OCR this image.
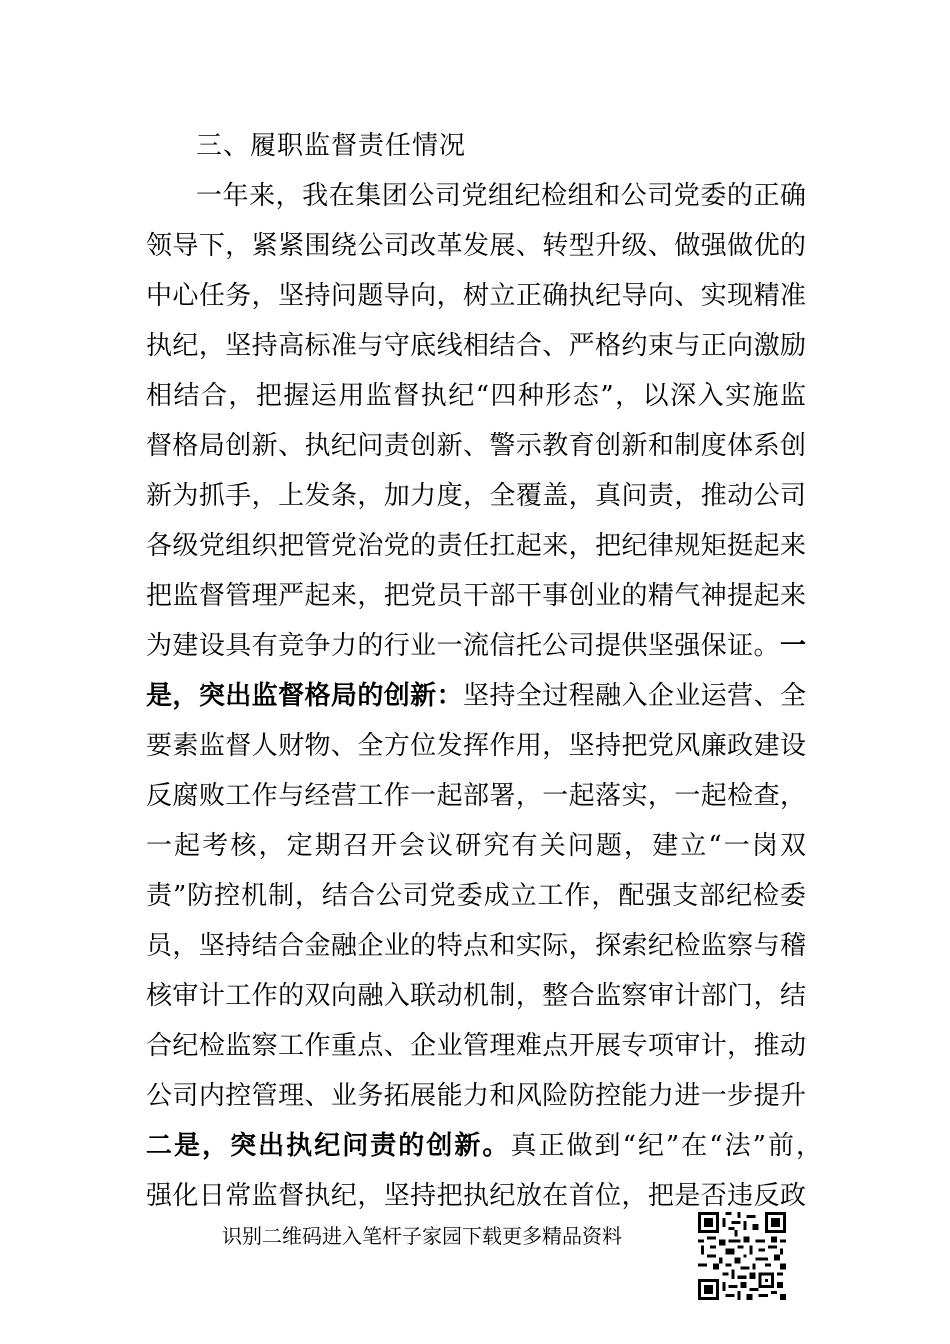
三、履职监督责任情况
一年来，我在集团公司党组纪检组和公司党委的正确
领导下，紧紧围绕公司改革发展、转型升级、做强做优的
中心任务，坚持问题导向，树立正确执纪导向、实现精准
执纪，坚持高标准与守底线相结合、严格约束与正向激励
相结合，把握运用监督执纪“四种形态”，以深入实施监
督格局创新、执纪问责创新、警示教育创新和制度体系创
新为抓手，上发条，加力度，全覆盖，真问责，推动公司
各级党组织把管党治党的责任扛起来，把纪律规矩挺起来
把监督管理严起来，把党员干部干事创业的精气神提起来
为建设具有竞争力的行业一流信托公司提供坚强保证。一
是，突出监督格局的创新：坚持全过程融入企业运营、全
要素监督人财物、全方位发挥作用，坚持把党风廉政建设
反腐败工作与经营工作一起部署，一起落实，一起检查，
一起考核，定期召开会议研究有关问题，建立“一岗双
责”防控机制，结合公司党委成立工作，配强支部纪检委
员，坚持结合金融企业的特点和实际，探索纪检监察与稽
核审计工作的双向融入联动机制，整合监察审计部门，结
合纪检监察工作重点、企业管理难点开展专项审计，推动
公司内控管理、业务拓展能力和风险防控能力进一步提升
二是，突出执纪问责的创新。真正做到“纪”在“法”前，
强化日常监督执纪，坚持把执纪放在首位，把是否违反政
识别二维码进入笔杆子家园下载更多精品资料
